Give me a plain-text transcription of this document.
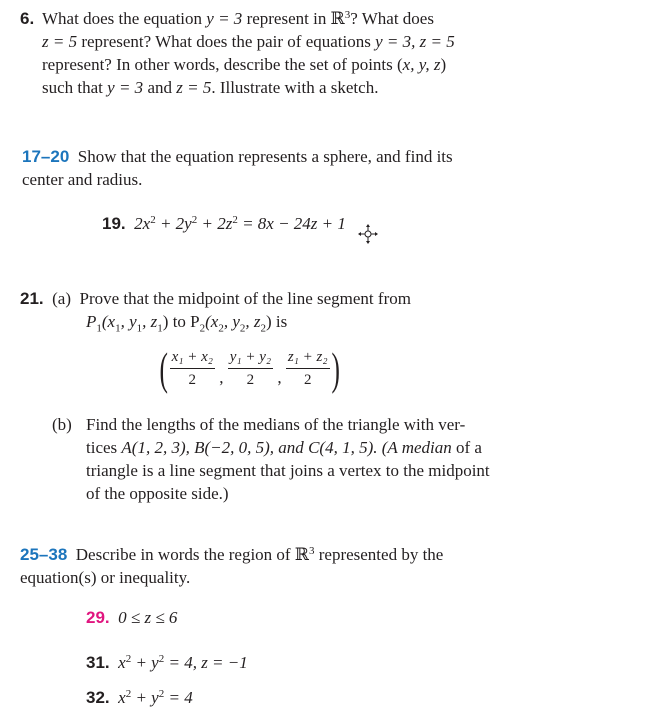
6. What does the equation y = 3 represent in ℝ$^3$? What does
z = 5 represent? What does the pair of equations y = 3, z = 5
represent? In other words, describe the set of points (x, y, z)
such that y = 3 and z = 5. Illustrate with a sketch.
17–20 Show that the equation represents a sphere, and find its
center and radius.
19. $2x^2 + 2y^2 + 2z^2 = 8x - 24z + 1$
21. (a) Prove that the midpoint of the line segment from
$P_1(x_1$, $y_1$, $z_1$) to $P_2(x_2$, $y_2$, $z_2$) is
( $\frac{\text{x₁ + x₂}}{2}$ , $\frac{\text{y₁ + y₂}}{2}$ , $\frac{\text{z₁ + z₂}}{2}$ )
(b) Find the lengths of the medians of the triangle with ver-
tices A(1, 2, 3), B(−2, 0, 5), and C(4, 1, 5). (A median of a
triangle is a line segment that joins a vertex to the midpoint
of the opposite side.)
25–38 Describe in words the region of ℝ$^3$ represented by the
equation(s) or inequality.
29. 0 ≤ z ≤ 6
31. $x^2 + y^2 = 4$, z = −1
32. $x^2 + y^2 = 4$
